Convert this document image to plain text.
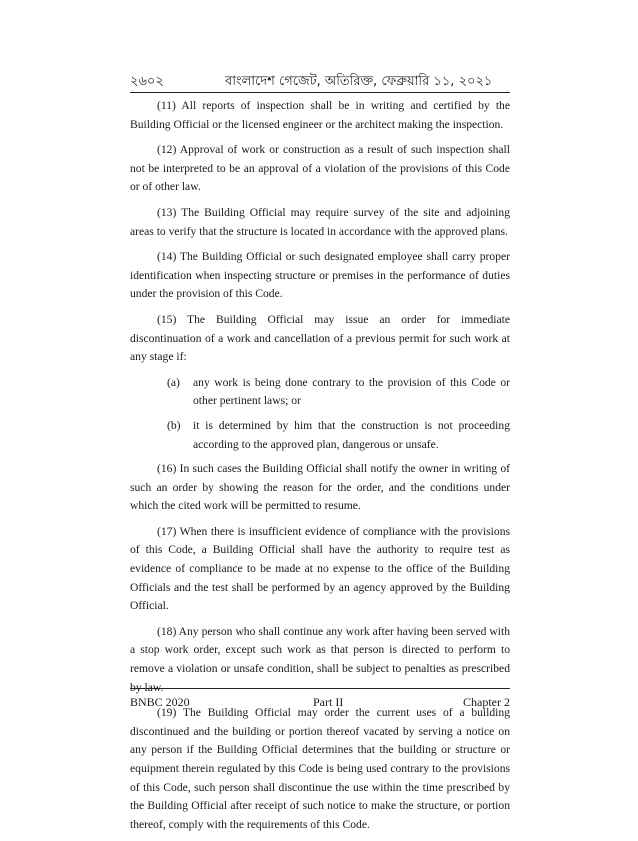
২৬০২	বাংলাদেশ গেজেট, অতিরিক্ত, ফেব্রুয়ারি ১১, ২০২১

(11) All reports of inspection shall be in writing and certified by the Building Official or the licensed engineer or the architect making the inspection.

(12) Approval of work or construction as a result of such inspection shall not be interpreted to be an approval of a violation of the provisions of this Code or of other law.

(13) The Building Official may require survey of the site and adjoining areas to verify that the structure is located in accordance with the approved plans.

(14) The Building Official or such designated employee shall carry proper identification when inspecting structure or premises in the performance of duties under the provision of this Code.

(15) The Building Official may issue an order for immediate discontinuation of a work and cancellation of a previous permit for such work at any stage if:

(a)	any work is being done contrary to the provision of this Code or other pertinent laws; or
(b)	it is determined by him that the construction is not proceeding according to the approved plan, dangerous or unsafe.

(16) In such cases the Building Official shall notify the owner in writing of such an order by showing the reason for the order, and the conditions under which the cited work will be permitted to resume.

(17) When there is insufficient evidence of compliance with the provisions of this Code, a Building Official shall have the authority to require test as evidence of compliance to be made at no expense to the office of the Building Officials and the test shall be performed by an agency approved by the Building Official.

(18) Any person who shall continue any work after having been served with a stop work order, except such work as that person is directed to perform to remove a violation or unsafe condition, shall be subject to penalties as prescribed by law.

(19) The Building Official may order the current uses of a building discontinued and the building or portion thereof vacated by serving a notice on any person if the Building Official determines that the building or structure or equipment therein regulated by this Code is being used contrary to the provisions of this Code, such person shall discontinue the use within the time prescribed by the Building Official after receipt of such notice to make the structure, or portion thereof, comply with the requirements of this Code.

BNBC 2020	Part II	Chapter 2
